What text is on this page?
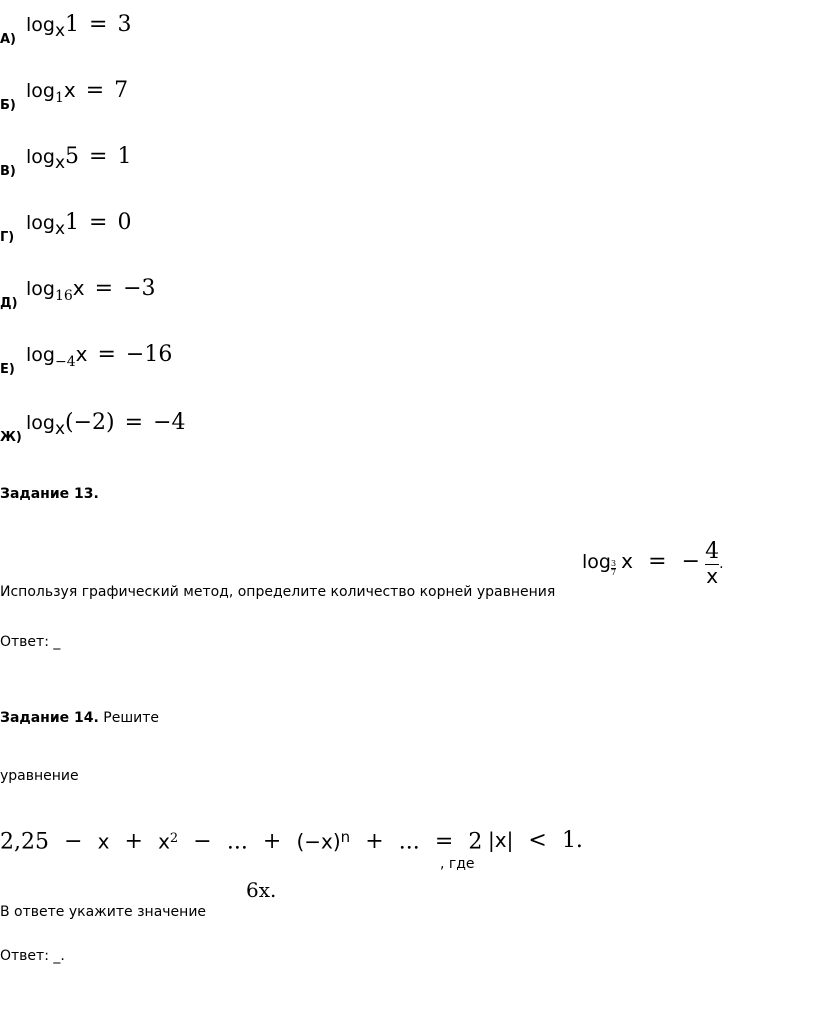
А)
logx1 = 3
Б)
log1x = 7
В)
logx5 = 1
Г)
logx1 = 0
Д)
log16x = −3
Е)
log−4x = −16
Ж)
logx(−2) = −4
Задание 13.
$\log \frac{3}{7}$ x = − $\frac{4}{x}$ .
Используя графический метод, определите количество корней уравнения
Ответ: _
Задание 14. Решите
уравнение
$2,25 - x + x^2$ − ... + $(-x)^n$ + ... = 2
, где
|x| < 1.
6x.
В ответе укажите значение
Ответ: _.
